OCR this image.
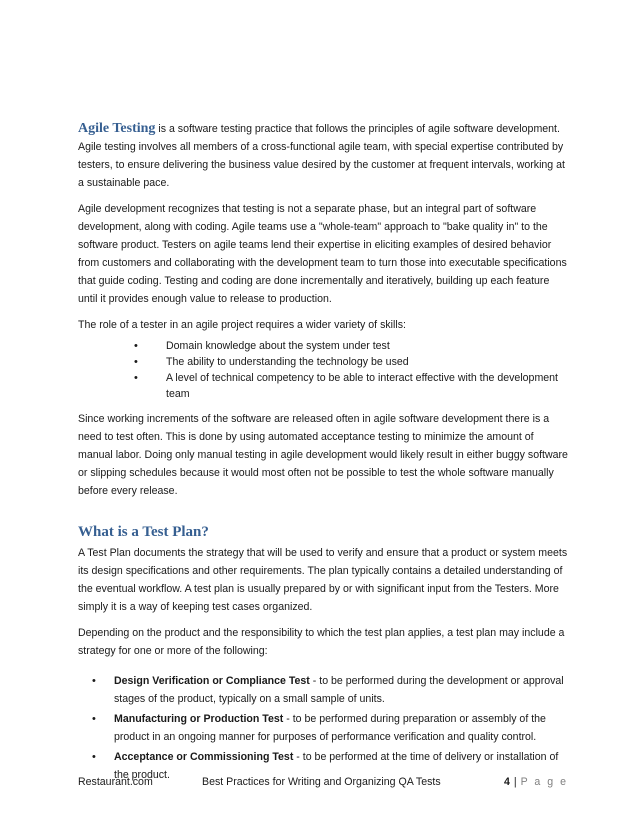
Agile Testing is a software testing practice that follows the principles of agile software development. Agile testing involves all members of a cross-functional agile team, with special expertise contributed by testers, to ensure delivering the business value desired by the customer at frequent intervals, working at a sustainable pace.

Agile development recognizes that testing is not a separate phase, but an integral part of software development, along with coding. Agile teams use a "whole-team" approach to "bake quality in" to the software product. Testers on agile teams lend their expertise in eliciting examples of desired behavior from customers and collaborating with the development team to turn those into executable specifications that guide coding. Testing and coding are done incrementally and iteratively, building up each feature until it provides enough value to release to production.

The role of a tester in an agile project requires a wider variety of skills:

•	Domain knowledge about the system under test
•	The ability to understanding the technology be used
•	A level of technical competency to be able to interact effective with the development team

Since working increments of the software are released often in agile software development there is a need to test often. This is done by using automated acceptance testing to minimize the amount of manual labor. Doing only manual testing in agile development would likely result in either buggy software or slipping schedules because it would most often not be possible to test the whole software manually before every release.

What is a Test Plan?

A Test Plan documents the strategy that will be used to verify and ensure that a product or system meets its design specifications and other requirements. The plan typically contains a detailed understanding of the eventual workflow. A test plan is usually prepared by or with significant input from the Testers. More simply it is a way of keeping test cases organized.

Depending on the product and the responsibility to which the test plan applies, a test plan may include a strategy for one or more of the following:

• Design Verification or Compliance Test - to be performed during the development or approval stages of the product, typically on a small sample of units.
• Manufacturing or Production Test - to be performed during preparation or assembly of the product in an ongoing manner for purposes of performance verification and quality control.
• Acceptance or Commissioning Test - to be performed at the time of delivery or installation of the product.
Restaurant.com	Best Practices for Writing and Organizing QA Tests	4 | P a g e
